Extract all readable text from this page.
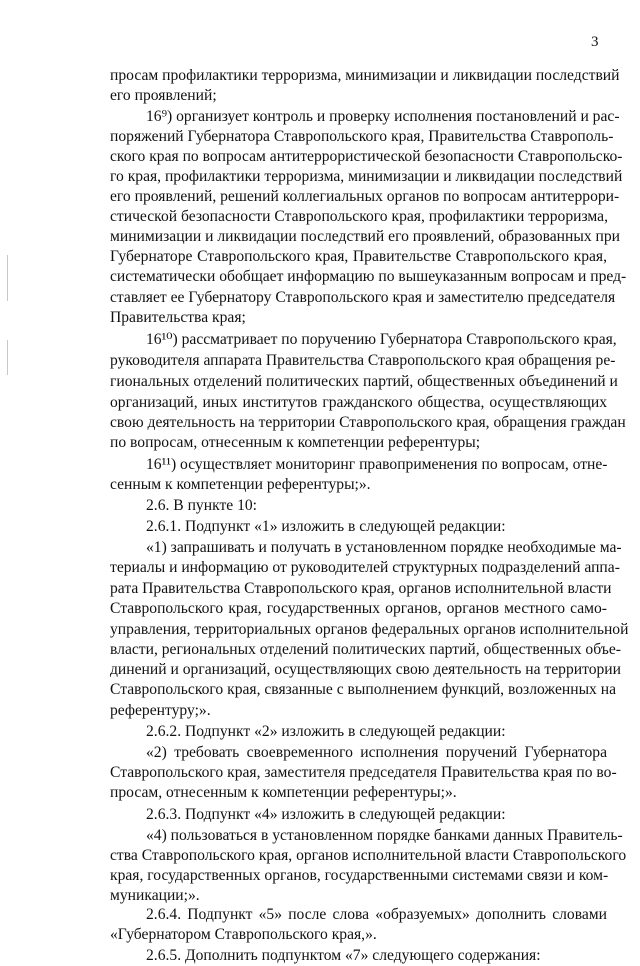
3
просам профилактики терроризма, минимизации и ликвидации последствий
его проявлений;
16⁹) организует контроль и проверку исполнения постановлений и рас-
поряжений Губернатора Ставропольского края, Правительства Ставрополь-
ского края по вопросам антитеррористической безопасности Ставропольско-
го края, профилактики терроризма, минимизации и ликвидации последствий
его проявлений, решений коллегиальных органов по вопросам антитеррори-
стической безопасности Ставропольского края, профилактики терроризма,
минимизации и ликвидации последствий его проявлений, образованных при
Губернаторе Ставропольского края, Правительстве Ставропольского края,
систематически обобщает информацию по вышеуказанным вопросам и пред-
ставляет ее Губернатору Ставропольского края и заместителю председателя
Правительства края;
16¹⁰) рассматривает по поручению Губернатора Ставропольского края,
руководителя аппарата Правительства Ставропольского края обращения ре-
гиональных отделений политических партий, общественных объединений и
организаций, иных институтов гражданского общества, осуществляющих
свою деятельность на территории Ставропольского края, обращения граждан
по вопросам, отнесенным к компетенции референтуры;
16¹¹) осуществляет мониторинг правоприменения по вопросам, отне-
сенным к компетенции референтуры;».
2.6. В пункте 10:
2.6.1. Подпункт «1» изложить в следующей редакции:
«1) запрашивать и получать в установленном порядке необходимые ма-
териалы и информацию от руководителей структурных подразделений аппа-
рата Правительства Ставропольского края, органов исполнительной власти
Ставропольского края, государственных органов, органов местного само-
управления, территориальных органов федеральных органов исполнительной
власти, региональных отделений политических партий, общественных объе-
динений и организаций, осуществляющих свою деятельность на территории
Ставропольского края, связанные с выполнением функций, возложенных на
референтуру;».
2.6.2. Подпункт «2» изложить в следующей редакции:
«2) требовать своевременного исполнения поручений Губернатора
Ставропольского края, заместителя председателя Правительства края по во-
просам, отнесенным к компетенции референтуры;».
2.6.3. Подпункт «4» изложить в следующей редакции:
«4) пользоваться в установленном порядке банками данных Правитель-
ства Ставропольского края, органов исполнительной власти Ставропольского
края, государственных органов, государственными системами связи и ком-
муникации;».
2.6.4. Подпункт «5» после слова «образуемых» дополнить словами
«Губернатором Ставропольского края,».
2.6.5. Дополнить подпунктом «7» следующего содержания:
